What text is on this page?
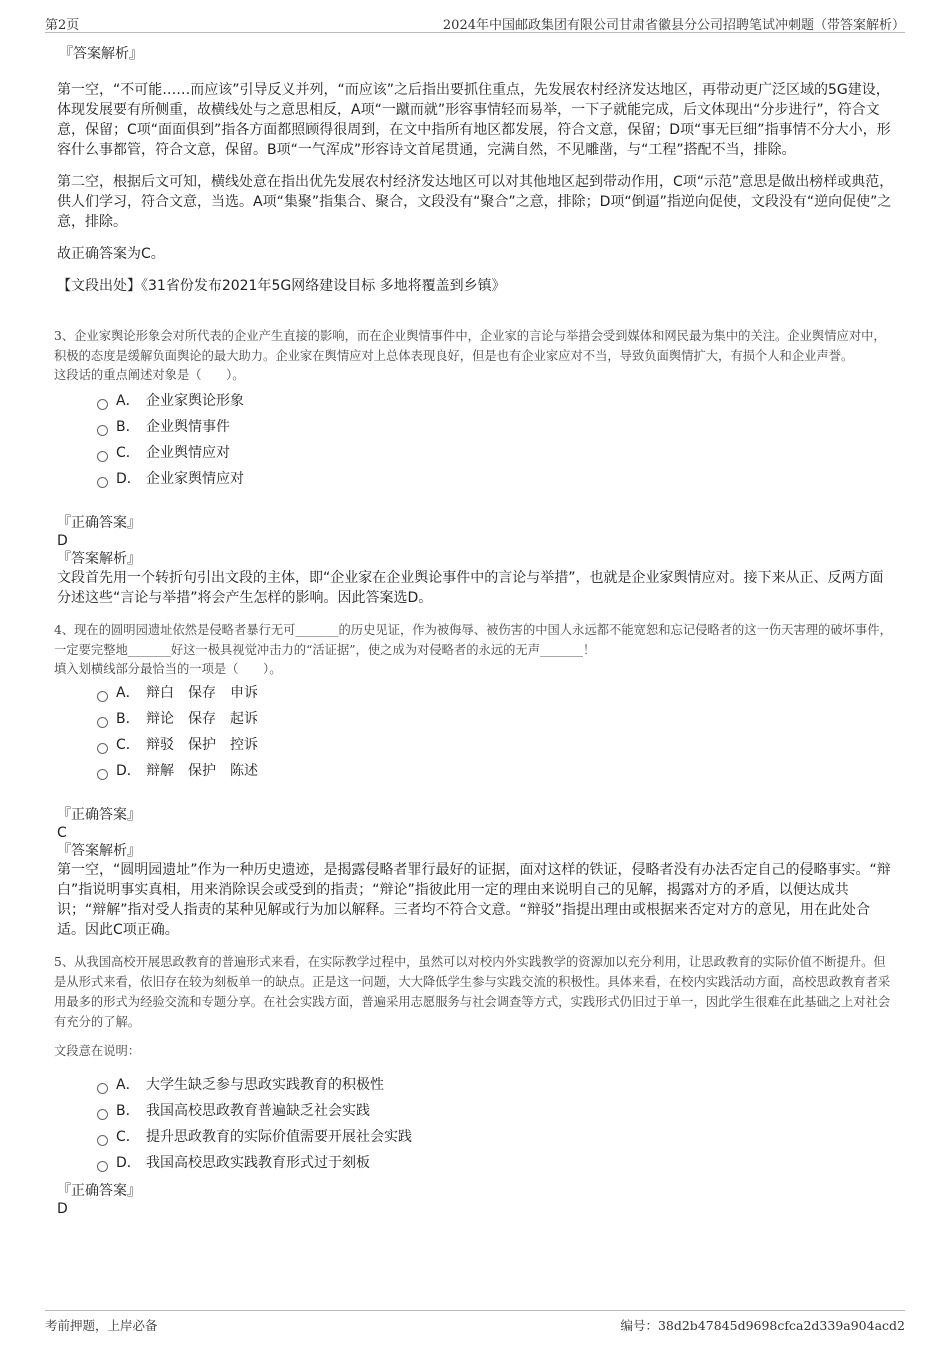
第2页	2024年中国邮政集团有限公司甘肃省徽县分公司招聘笔试冲刺题（带答案解析）
『答案解析』

第一空，“不可能……而应该”引导反义并列，“而应该”之后指出要抓住重点，先发展农村经济发达地区，再带动更广泛区域的5G建设，体现发展要有所侧重，故横线处与之意思相反，A项“一蹴而就”形容事情轻而易举，一下子就能完成，后文体现出“分步进行”，符合文意，保留；C项“面面俱到”指各方面都照顾得很周到，在文中指所有地区都发展，符合文意，保留；D项“事无巨细”指事情不分大小，形容什么事都管，符合文意，保留。B项“一气浑成”形容诗文首尾贯通，完满自然，不见雕凿，与“工程”搭配不当，排除。

第二空，根据后文可知，横线处意在指出优先发展农村经济发达地区可以对其他地区起到带动作用，C项“示范”意思是做出榜样或典范，供人们学习，符合文意，当选。A项“集聚”指集合、聚合，文段没有“聚合”之意，排除；D项“倒逼”指逆向促使，文段没有“逆向促使”之意，排除。

故正确答案为C。

【文段出处】《31省份发布2021年5G网络建设目标 多地将覆盖到乡镇》

3、企业家舆论形象会对所代表的企业产生直接的影响，而在企业舆情事件中，企业家的言论与举措会受到媒体和网民最为集中的关注。企业舆情应对中，积极的态度是缓解负面舆论的最大助力。企业家在舆情应对上总体表现良好，但是也有企业家应对不当，导致负面舆情扩大，有损个人和企业声誉。

这段话的重点阐述对象是（　　）。
A． 企业家舆论形象
B． 企业舆情事件
C． 企业舆情应对
D． 企业家舆情应对
『正确答案』
D
『答案解析』

文段首先用一个转折句引出文段的主体，即“企业家在企业舆论事件中的言论与举措”，也就是企业家舆情应对。接下来从正、反两方面分述这些“言论与举措”将会产生怎样的影响。因此答案选D。

4、现在的圆明园遗址依然是侵略者暴行无可_______的历史见证，作为被侮辱、被伤害的中国人永远都不能宽恕和忘记侵略者的这一伤天害理的破坏事件，一定要完整地_______好这一极具视觉冲击力的“活证据”，使之成为对侵略者的永远的无声_______！

填入划横线部分最恰当的一项是（　　）。
A． 辩白　保存　申诉
B． 辩论　保存　起诉
C． 辩驳　保护　控诉
D． 辩解　保护　陈述
『正确答案』
C
『答案解析』

第一空，“圆明园遗址”作为一种历史遗迹，是揭露侵略者罪行最好的证据，面对这样的铁证，侵略者没有办法否定自己的侵略事实。“辩白”指说明事实真相，用来消除误会或受到的指责；“辩论”指彼此用一定的理由来说明自己的见解，揭露对方的矛盾，以便达成共识；“辩解”指对受人指责的某种见解或行为加以解释。三者均不符合文意。“辩驳”指提出理由或根据来否定对方的意见，用在此处合适。因此C项正确。

5、从我国高校开展思政教育的普遍形式来看，在实际教学过程中，虽然可以对校内外实践教学的资源加以充分利用，让思政教育的实际价值不断提升。但是从形式来看，依旧存在较为刻板单一的缺点。正是这一问题，大大降低学生参与实践交流的积极性。具体来看，在校内实践活动方面，高校思政教育者采用最多的形式为经验交流和专题分享。在社会实践方面，普遍采用志愿服务与社会调查等方式，实践形式仍旧过于单一，因此学生很难在此基础之上对社会有充分的了解。

文段意在说明：
A． 大学生缺乏参与思政实践教育的积极性
B． 我国高校思政教育普遍缺乏社会实践
C． 提升思政教育的实际价值需要开展社会实践
D． 我国高校思政实践教育形式过于刻板
『正确答案』
D
考前押题，上岸必备	编号：38d2b47845d9698cfca2d339a904acd2
